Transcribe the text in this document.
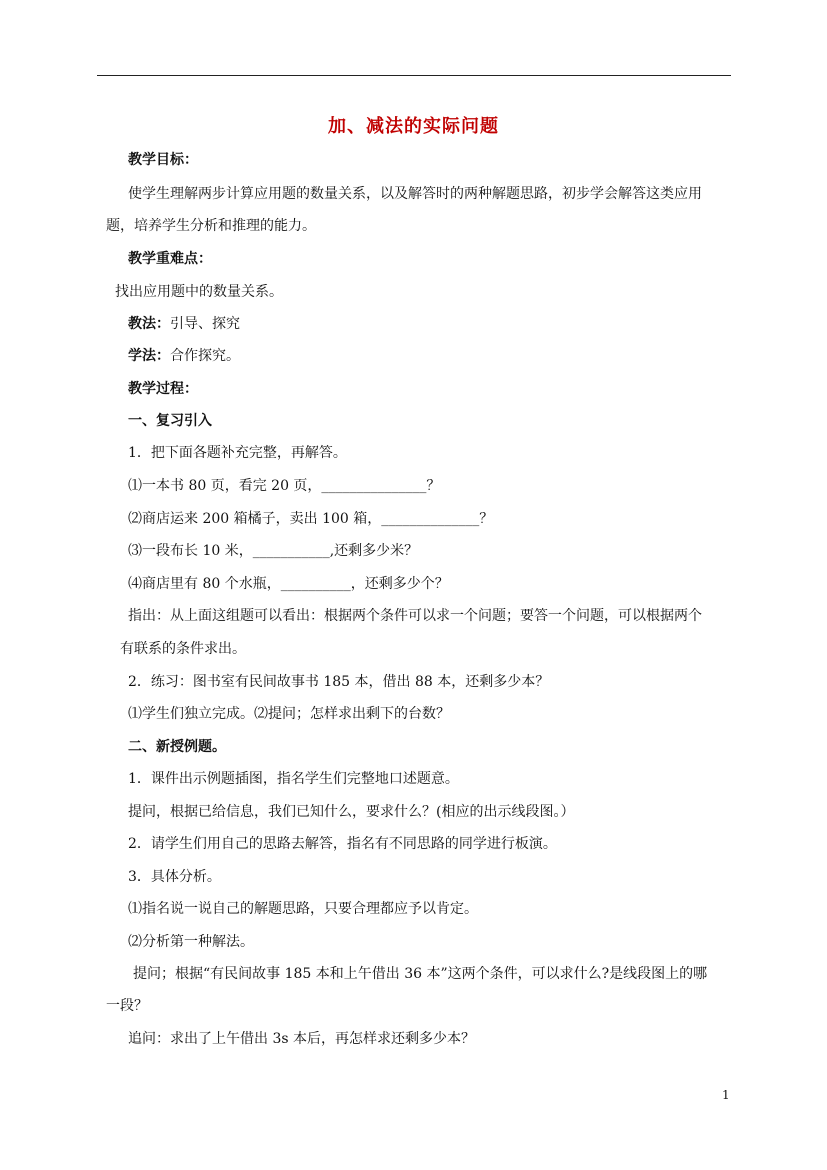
加、减法的实际问题
教学目标：
使学生理解两步计算应用题的数量关系，以及解答时的两种解题思路，初步学会解答这类应用
题，培养学生分析和推理的能力。
教学重难点：
找出应用题中的数量关系。
教法：引导、探究
学法：合作探究。
教学过程：
一、复习引入
1．把下面各题补充完整，再解答。
⑴一本书 80 页，看完 20 页，_______________？
⑵商店运来 200 箱橘子，卖出 100 箱，______________？
⑶一段布长 10 米，___________,还剩多少米？
⑷商店里有 80 个水瓶，__________，还剩多少个？
指出：从上面这组题可以看出：根据两个条件可以求一个问题；要答一个问题，可以根据两个
有联系的条件求出。
2．练习：图书室有民间故事书 185 本，借出 88 本，还剩多少本？
⑴学生们独立完成。⑵提问；怎样求出剩下的台数？
二、新授例题。
1．课件出示例题插图，指名学生们完整地口述题意。
提问，根据已给信息，我们已知什么，要求什么？(相应的出示线段图。）
2．请学生们用自己的思路去解答，指名有不同思路的同学进行板演。
3．具体分析。
⑴指名说一说自己的解题思路，只要合理都应予以肯定。
⑵分析第一种解法。
提问；根据“有民间故事 185 本和上午借出 36 本”这两个条件，可以求什么?是线段图上的哪
一段？
追问：求出了上午借出 3s 本后，再怎样求还剩多少本？
1
